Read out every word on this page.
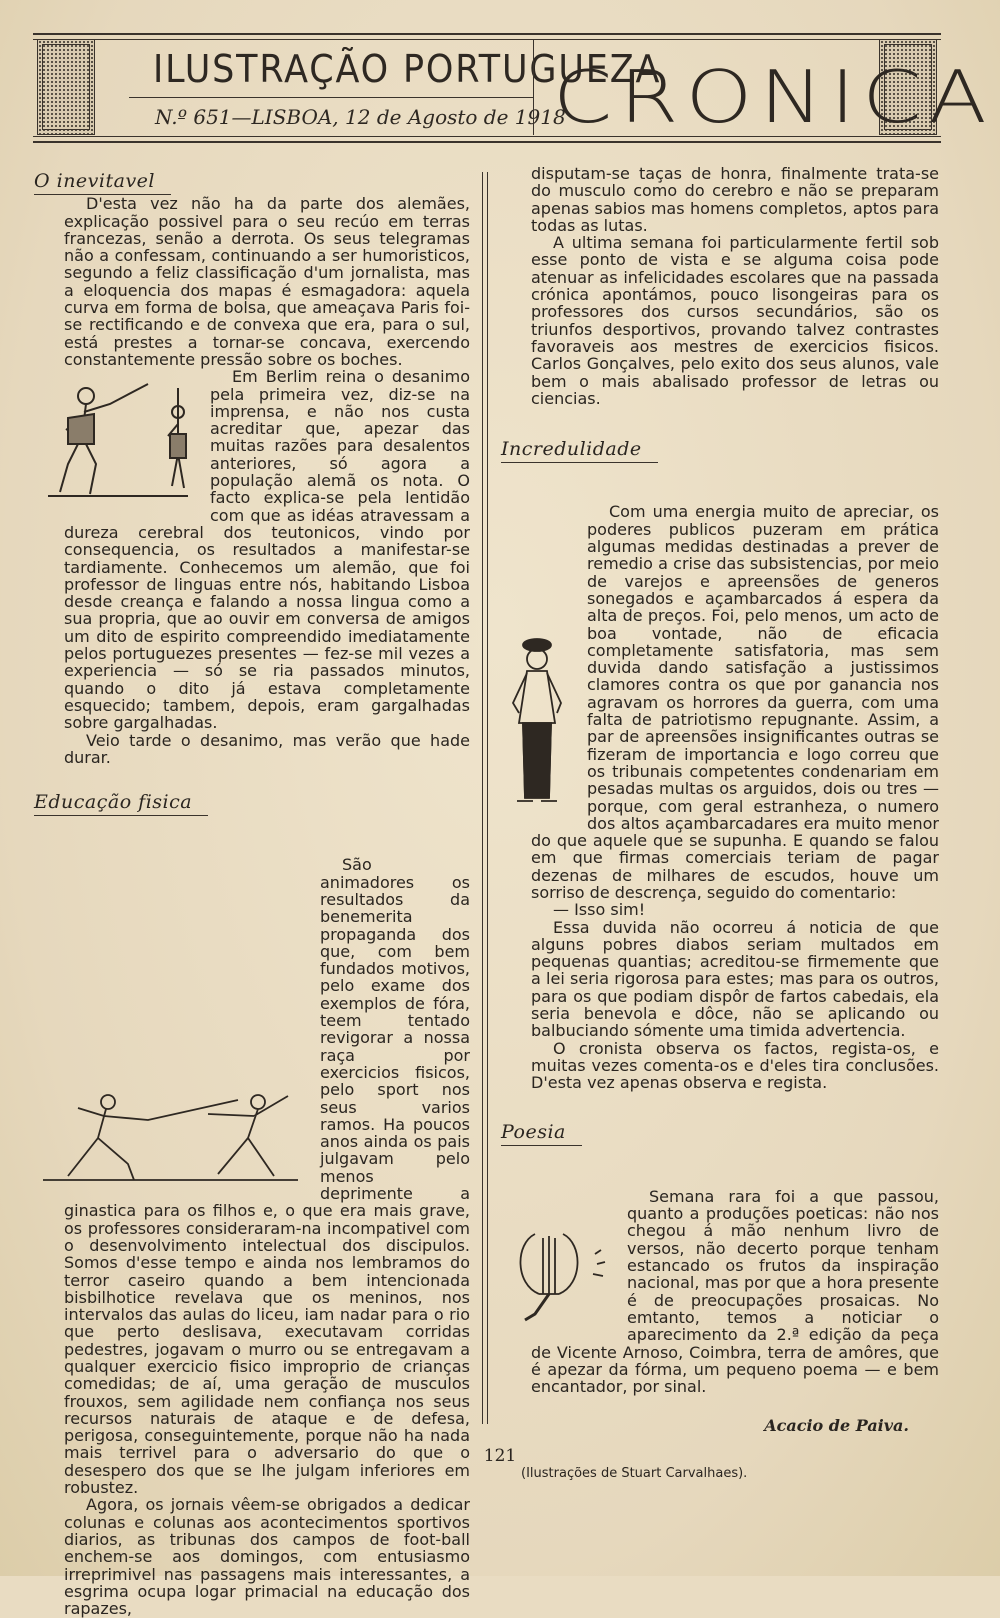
ILUSTRAÇÃO PORTUGUEZA
N.º 651—LISBOA, 12 de Agosto de 1918
CRONICA
O inevitavel

D'esta vez não ha da parte dos alemães, explicação possivel para o seu recúo em terras francezas, senão a derrota. Os seus telegramas não a confessam, continuando a ser humoristicos, segundo a feliz classificação d'um jornalista, mas a eloquencia dos mapas é esmagadora: aquela curva em forma de bolsa, que ameaçava Paris foi-se rectificando e de convexa que era, para o sul, está prestes a tornar-se concava, exercendo constantemente pressão sobre os boches.

Em Berlim reina o desanimo pela primeira vez, diz-se na imprensa, e não nos custa acreditar que, apezar das muitas razões para desalentos anteriores, só agora a população alemã os nota. O facto explica-se pela lentidão com que as idéas atravessam a dureza cerebral dos teutonicos, vindo por consequencia, os resultados a manifestar-se tardiamente. Conhecemos um alemão, que foi professor de linguas entre nós, habitando Lisboa desde creança e falando a nossa lingua como a sua propria, que ao ouvir em conversa de amigos um dito de espirito compreendido imediatamente pelos portuguezes presentes — fez-se mil vezes a experiencia — só se ria passados minutos, quando o dito já estava completamente esquecido; tambem, depois, eram gargalhadas sobre gargalhadas.

Veio tarde o desanimo, mas verão que hade durar.

Educação fisica

São animadores os resultados da benemerita propaganda dos que, com bem fundados motivos, pelo exame dos exemplos de fóra, teem tentado revigorar a nossa raça por exercicios fisicos, pelo sport nos seus varios ramos. Ha poucos anos ainda os pais julgavam pelo menos deprimente a ginastica para os filhos e, o que era mais grave, os professores consideraram-na incompativel com o desenvolvimento intelectual dos discipulos. Somos d'esse tempo e ainda nos lembramos do terror caseiro quando a bem intencionada bisbilhotice revelava que os meninos, nos intervalos das aulas do liceu, iam nadar para o rio que perto deslisava, executavam corridas pedestres, jogavam o murro ou se entregavam a qualquer exercicio fisico improprio de crianças comedidas; de aí, uma geração de musculos frouxos, sem agilidade nem confiança nos seus recursos naturais de ataque e de defesa, perigosa, conseguintemente, porque não ha nada mais terrivel para o adversario do que o desespero dos que se lhe julgam inferiores em robustez.

Agora, os jornais vêem-se obrigados a dedicar colunas e colunas aos acontecimentos sportivos diarios, as tribunas dos campos de foot-ball enchem-se aos domingos, com entusiasmo irreprimivel nas passagens mais interessantes, a esgrima ocupa logar primacial na educação dos rapazes,

disputam-se taças de honra, finalmente trata-se do musculo como do cerebro e não se preparam apenas sabios mas homens completos, aptos para todas as lutas.

A ultima semana foi particularmente fertil sob esse ponto de vista e se alguma coisa pode atenuar as infelicidades escolares que na passada crónica apontámos, pouco lisongeiras para os professores dos cursos secundários, são os triunfos desportivos, provando talvez contrastes favoraveis aos mestres de exercicios fisicos. Carlos Gonçalves, pelo exito dos seus alunos, vale bem o mais abalisado professor de letras ou ciencias.

Incredulidade

Com uma energia muito de apreciar, os poderes publicos puzeram em prática algumas medidas destinadas a prever de remedio a crise das subsistencias, por meio de varejos e apreensões de generos sonegados e açambarcados á espera da alta de preços. Foi, pelo menos, um acto de boa vontade, não de eficacia completamente satisfatoria, mas sem duvida dando satisfação a justissimos clamores contra os que por ganancia nos agravam os horrores da guerra, com uma falta de patriotismo repugnante. Assim, a par de apreensões insignificantes outras se fizeram de importancia e logo correu que os tribunais competentes condenariam em pesadas multas os arguidos, dois ou tres — porque, com geral estranheza, o numero dos altos açambarcadares era muito menor do que aquele que se supunha. E quando se falou em que firmas comerciais teriam de pagar dezenas de milhares de escudos, houve um sorriso de descrença, seguido do comentario:

— Isso sim!

Essa duvida não ocorreu á noticia de que alguns pobres diabos seriam multados em pequenas quantias; acreditou-se firmemente que a lei seria rigorosa para estes; mas para os outros, para os que podiam dispôr de fartos cabedais, ela seria benevola e dôce, não se aplicando ou balbuciando sómente uma timida advertencia.

O cronista observa os factos, regista-os, e muitas vezes comenta-os e d'eles tira conclusões. D'esta vez apenas observa e regista.

Poesia

Semana rara foi a que passou, quanto a produções poeticas: não nos chegou á mão nenhum livro de versos, não decerto porque tenham estancado os frutos da inspiração nacional, mas por que a hora presente é de preocupações prosaicas. No emtanto, temos a noticiar o aparecimento da 2.ª edição da peça de Vicente Arnoso, Coimbra, terra de amôres, que é apezar da fórma, um pequeno poema — e bem encantador, por sinal.

Acacio de Paiva.
(Ilustrações de Stuart Carvalhaes).
121
